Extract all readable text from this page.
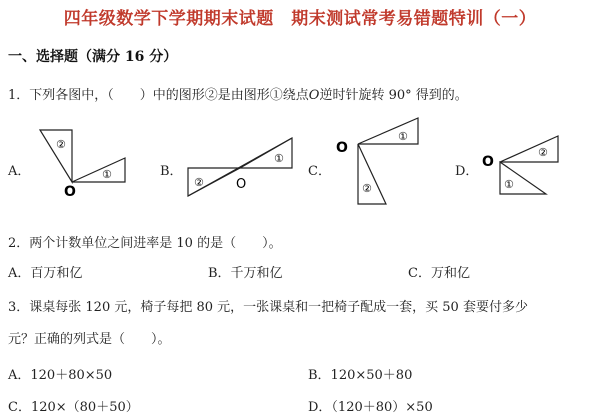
四年级数学下学期期末试题　期末测试常考易错题特训（一）
一、选择题（满分 16 分）
1．下列各图中，（　　）中的图形②是由图形①绕点O逆时针旋转 90° 得到的。
A．	B．	C．	D．
②
①
O
②
①
O
①
②
O	②
①
O
2．两个计数单位之间进率是 10 的是（　　）。
A．百万和亿	B．千万和亿	C．万和亿
3．课桌每张 120 元，椅子每把 80 元，一张课桌和一把椅子配成一套，买 50 套要付多少
元？正确的列式是（　　）。
A．120＋80×50	B．120×50＋80
C．120×（80＋50）	D．（120＋80）×50
